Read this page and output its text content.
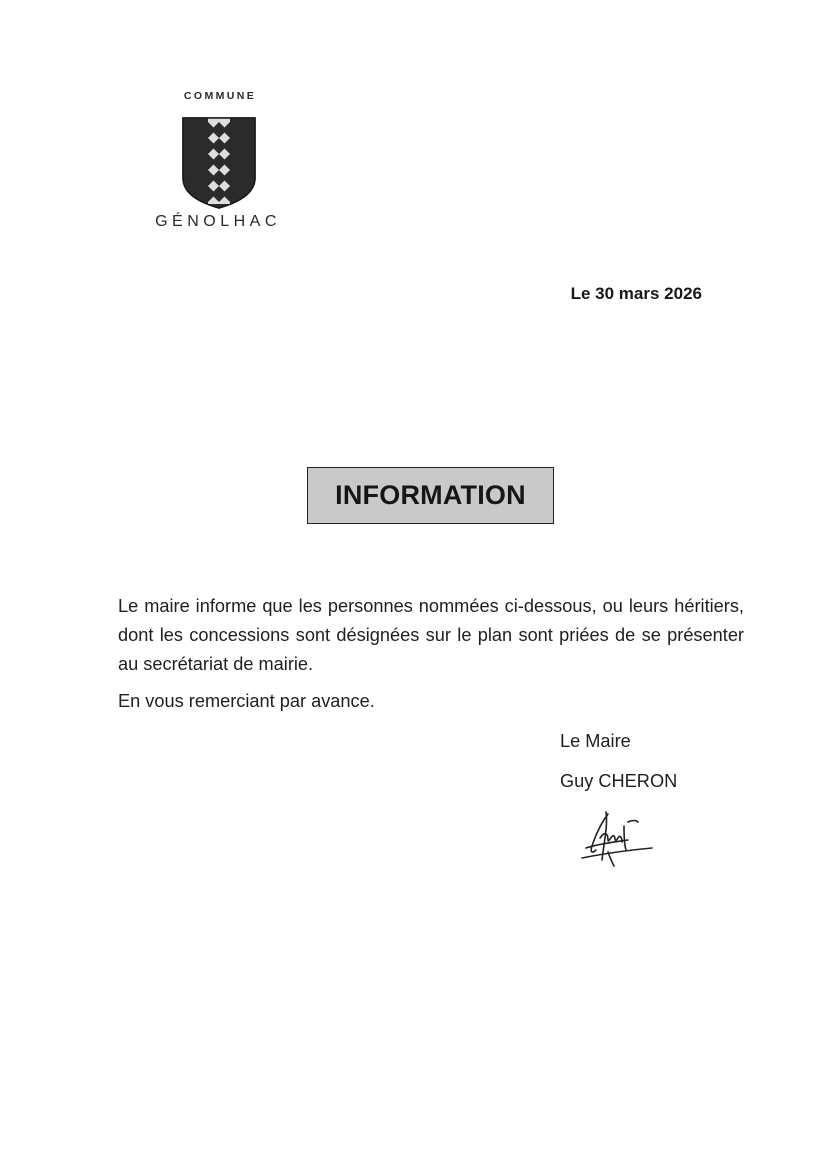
COMMUNE
GÉNOLHAC
Le 30 mars 2026
INFORMATION
Le maire informe que les personnes nommées ci-dessous, ou leurs héritiers, dont les concessions sont désignées sur le plan sont priées de se présenter au secrétariat de mairie.
En vous remerciant par avance.
Le Maire
Guy CHERON
